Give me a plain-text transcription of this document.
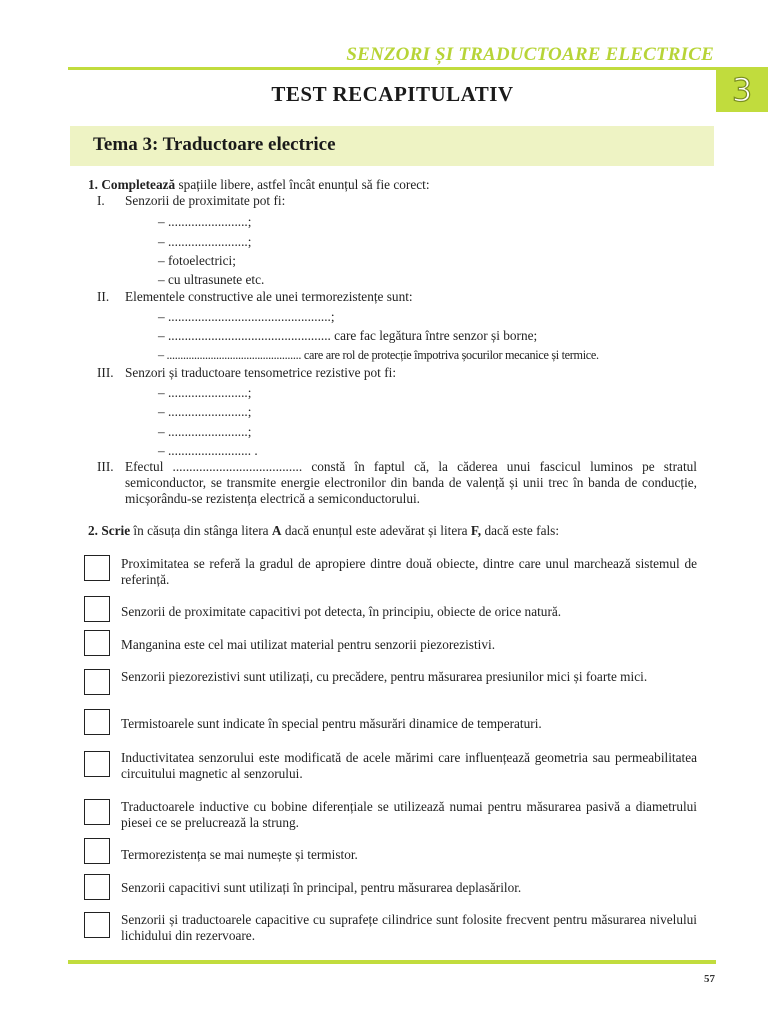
SENZORI ȘI TRADUCTOARE ELECTRICE
3
TEST RECAPITULATIV
Tema 3: Traductoare electrice
1. Completează spațiile libere, astfel încât enunțul să fie corect:
I. Senzorii de proximitate pot fi:
– ........................;
– ........................;
– fotoelectrici;
– cu ultrasunete etc.
II. Elementele constructive ale unei termorezistențe sunt:
– .................................................;
– ................................................. care fac legătura între senzor și borne;
– ................................................. care are rol de protecție împotriva șocurilor mecanice și termice.
III. Senzori și traductoare tensometrice rezistive pot fi:
– ........................;
– ........................;
– ........................;
– ......................... .
III. Efectul ....................................... constă în faptul că, la căderea unui fascicul luminos pe stratul semiconductor, se transmite energie electronilor din banda de valență și unii trec în banda de conducție, micșorându-se rezistența electrică a semiconductorului.
2. Scrie în căsuța din stânga litera A dacă enunțul este adevărat și litera F, dacă este fals:
Proximitatea se referă la gradul de apropiere dintre două obiecte, dintre care unul marchează sistemul de referință.
Senzorii de proximitate capacitivi pot detecta, în principiu, obiecte de orice natură.
Manganina este cel mai utilizat material pentru senzorii piezorezistivi.
Senzorii piezorezistivi sunt utilizați, cu precădere, pentru măsurarea presiunilor mici și foarte mici.
Termistoarele sunt indicate în special pentru măsurări dinamice de temperaturi.
Inductivitatea senzorului este modificată de acele mărimi care influențează geometria sau permeabilitatea circuitului magnetic al senzorului.
Traductoarele inductive cu bobine diferențiale se utilizează numai pentru măsurarea pasivă a diametrului piesei ce se prelucrează la strung.
Termorezistența se mai numește și termistor.
Senzorii capacitivi sunt utilizați în principal, pentru măsurarea deplasărilor.
Senzorii și traductoarele capacitive cu suprafețe cilindrice sunt folosite frecvent pentru măsurarea nivelului lichidului din rezervoare.
57
